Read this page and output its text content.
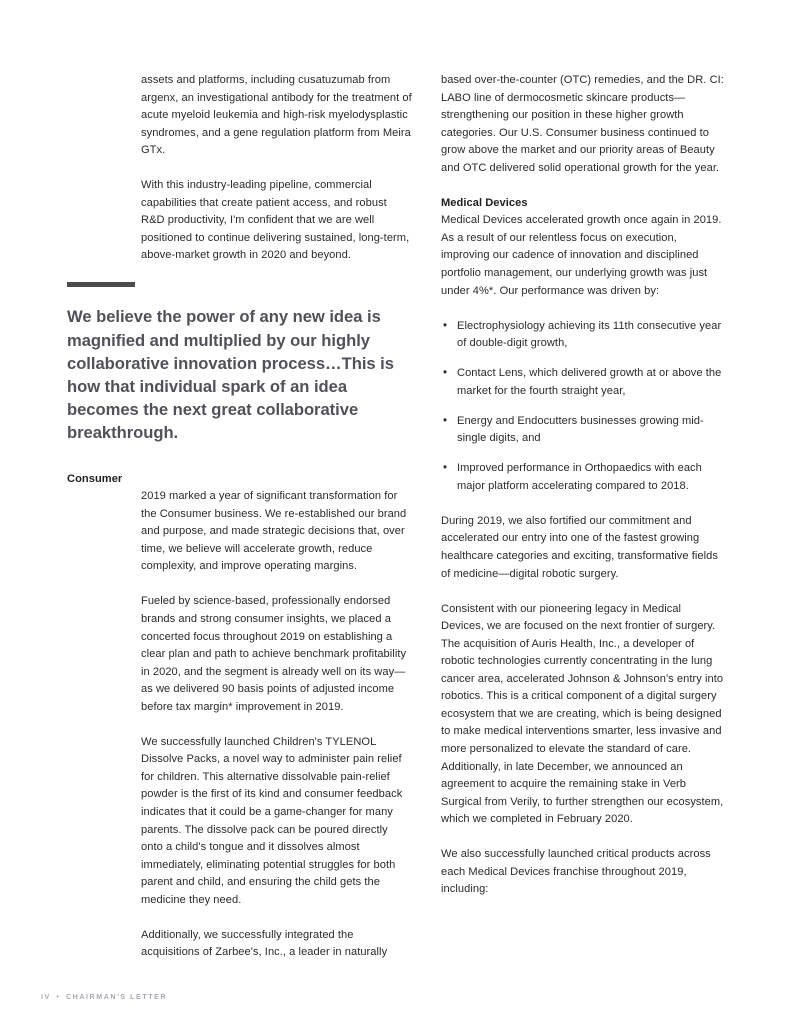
assets and platforms, including cusatuzumab from argenx, an investigational antibody for the treatment of acute myeloid leukemia and high-risk myelodysplastic syndromes, and a gene regulation platform from Meira GTx.

With this industry-leading pipeline, commercial capabilities that create patient access, and robust R&D productivity, I'm confident that we are well positioned to continue delivering sustained, long-term, above-market growth in 2020 and beyond.

We believe the power of any new idea is magnified and multiplied by our highly collaborative innovation process…This is how that individual spark of an idea becomes the next great collaborative breakthrough.

Consumer

2019 marked a year of significant transformation for the Consumer business. We re-established our brand and purpose, and made strategic decisions that, over time, we believe will accelerate growth, reduce complexity, and improve operating margins.

Fueled by science-based, professionally endorsed brands and strong consumer insights, we placed a concerted focus throughout 2019 on establishing a clear plan and path to achieve benchmark profitability in 2020, and the segment is already well on its way—as we delivered 90 basis points of adjusted income before tax margin* improvement in 2019.

We successfully launched Children's TYLENOL Dissolve Packs, a novel way to administer pain relief for children. This alternative dissolvable pain-relief powder is the first of its kind and consumer feedback indicates that it could be a game-changer for many parents. The dissolve pack can be poured directly onto a child's tongue and it dissolves almost immediately, eliminating potential struggles for both parent and child, and ensuring the child gets the medicine they need.

Additionally, we successfully integrated the acquisitions of Zarbee's, Inc., a leader in naturally

based over-the-counter (OTC) remedies, and the DR. CI: LABO line of dermocosmetic skincare products—strengthening our position in these higher growth categories. Our U.S. Consumer business continued to grow above the market and our priority areas of Beauty and OTC delivered solid operational growth for the year.

Medical Devices

Medical Devices accelerated growth once again in 2019. As a result of our relentless focus on execution, improving our cadence of innovation and disciplined portfolio management, our underlying growth was just under 4%*. Our performance was driven by:

• Electrophysiology achieving its 11th consecutive year of double-digit growth,
• Contact Lens, which delivered growth at or above the market for the fourth straight year,
• Energy and Endocutters businesses growing mid-single digits, and
• Improved performance in Orthopaedics with each major platform accelerating compared to 2018.

During 2019, we also fortified our commitment and accelerated our entry into one of the fastest growing healthcare categories and exciting, transformative fields of medicine—digital robotic surgery.

Consistent with our pioneering legacy in Medical Devices, we are focused on the next frontier of surgery. The acquisition of Auris Health, Inc., a developer of robotic technologies currently concentrating in the lung cancer area, accelerated Johnson & Johnson's entry into robotics. This is a critical component of a digital surgery ecosystem that we are creating, which is being designed to make medical interventions smarter, less invasive and more personalized to elevate the standard of care. Additionally, in late December, we announced an agreement to acquire the remaining stake in Verb Surgical from Verily, to further strengthen our ecosystem, which we completed in February 2020.

We also successfully launched critical products across each Medical Devices franchise throughout 2019, including:

IV • CHAIRMAN'S LETTER
